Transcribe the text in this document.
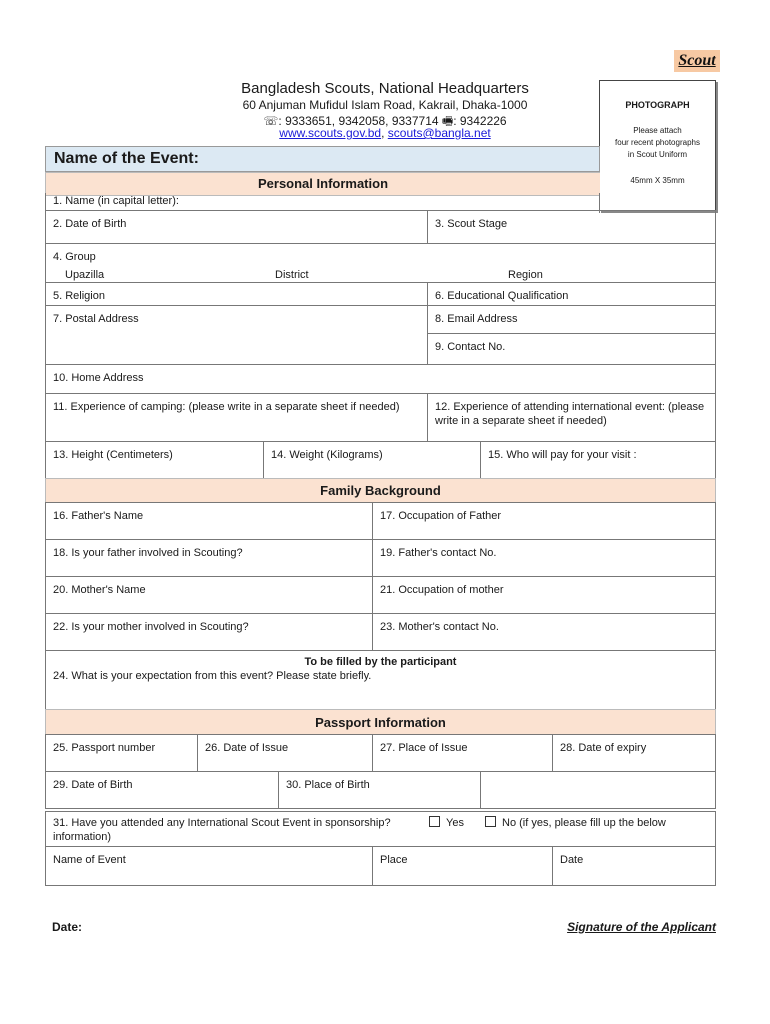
Scout
Bangladesh Scouts, National Headquarters
60 Anjuman Mufidul Islam Road, Kakrail, Dhaka-1000
☏: 9333651, 9342058, 9337714 🖷: 9342226
www.scouts.gov.bd, scouts@bangla.net
PHOTOGRAPH
Please attach
four recent photographs
in Scout Uniform
45mm X 35mm
Name of the Event:
Personal Information
1. Name (in capital letter):
2. Date of Birth	3. Scout Stage
4. Group
Upazilla	District	Region
5. Religion	6. Educational Qualification
7. Postal Address	8. Email Address
9. Contact No.
10. Home Address
11. Experience of camping: (please write in a separate sheet if needed)	12. Experience of attending international event: (please write in a separate sheet if needed)
13. Height (Centimeters)	14. Weight (Kilograms)	15. Who will pay for your visit :
Family Background
16. Father's Name	17. Occupation of Father
18. Is your father involved in Scouting?	19. Father's contact No.
20. Mother's Name	21. Occupation of mother
22. Is your mother involved in Scouting?	23. Mother's contact No.
To be filled by the participant
24. What is your expectation from this event? Please state briefly.
Passport Information
25. Passport number	26. Date of Issue	27. Place of Issue	28. Date of expiry
29. Date of Birth	30. Place of Birth
31. Have you attended any International Scout Event in sponsorship?	Yes	No (if yes, please fill up the below
information)
Name of Event	Place	Date
Date:	Signature of the Applicant
